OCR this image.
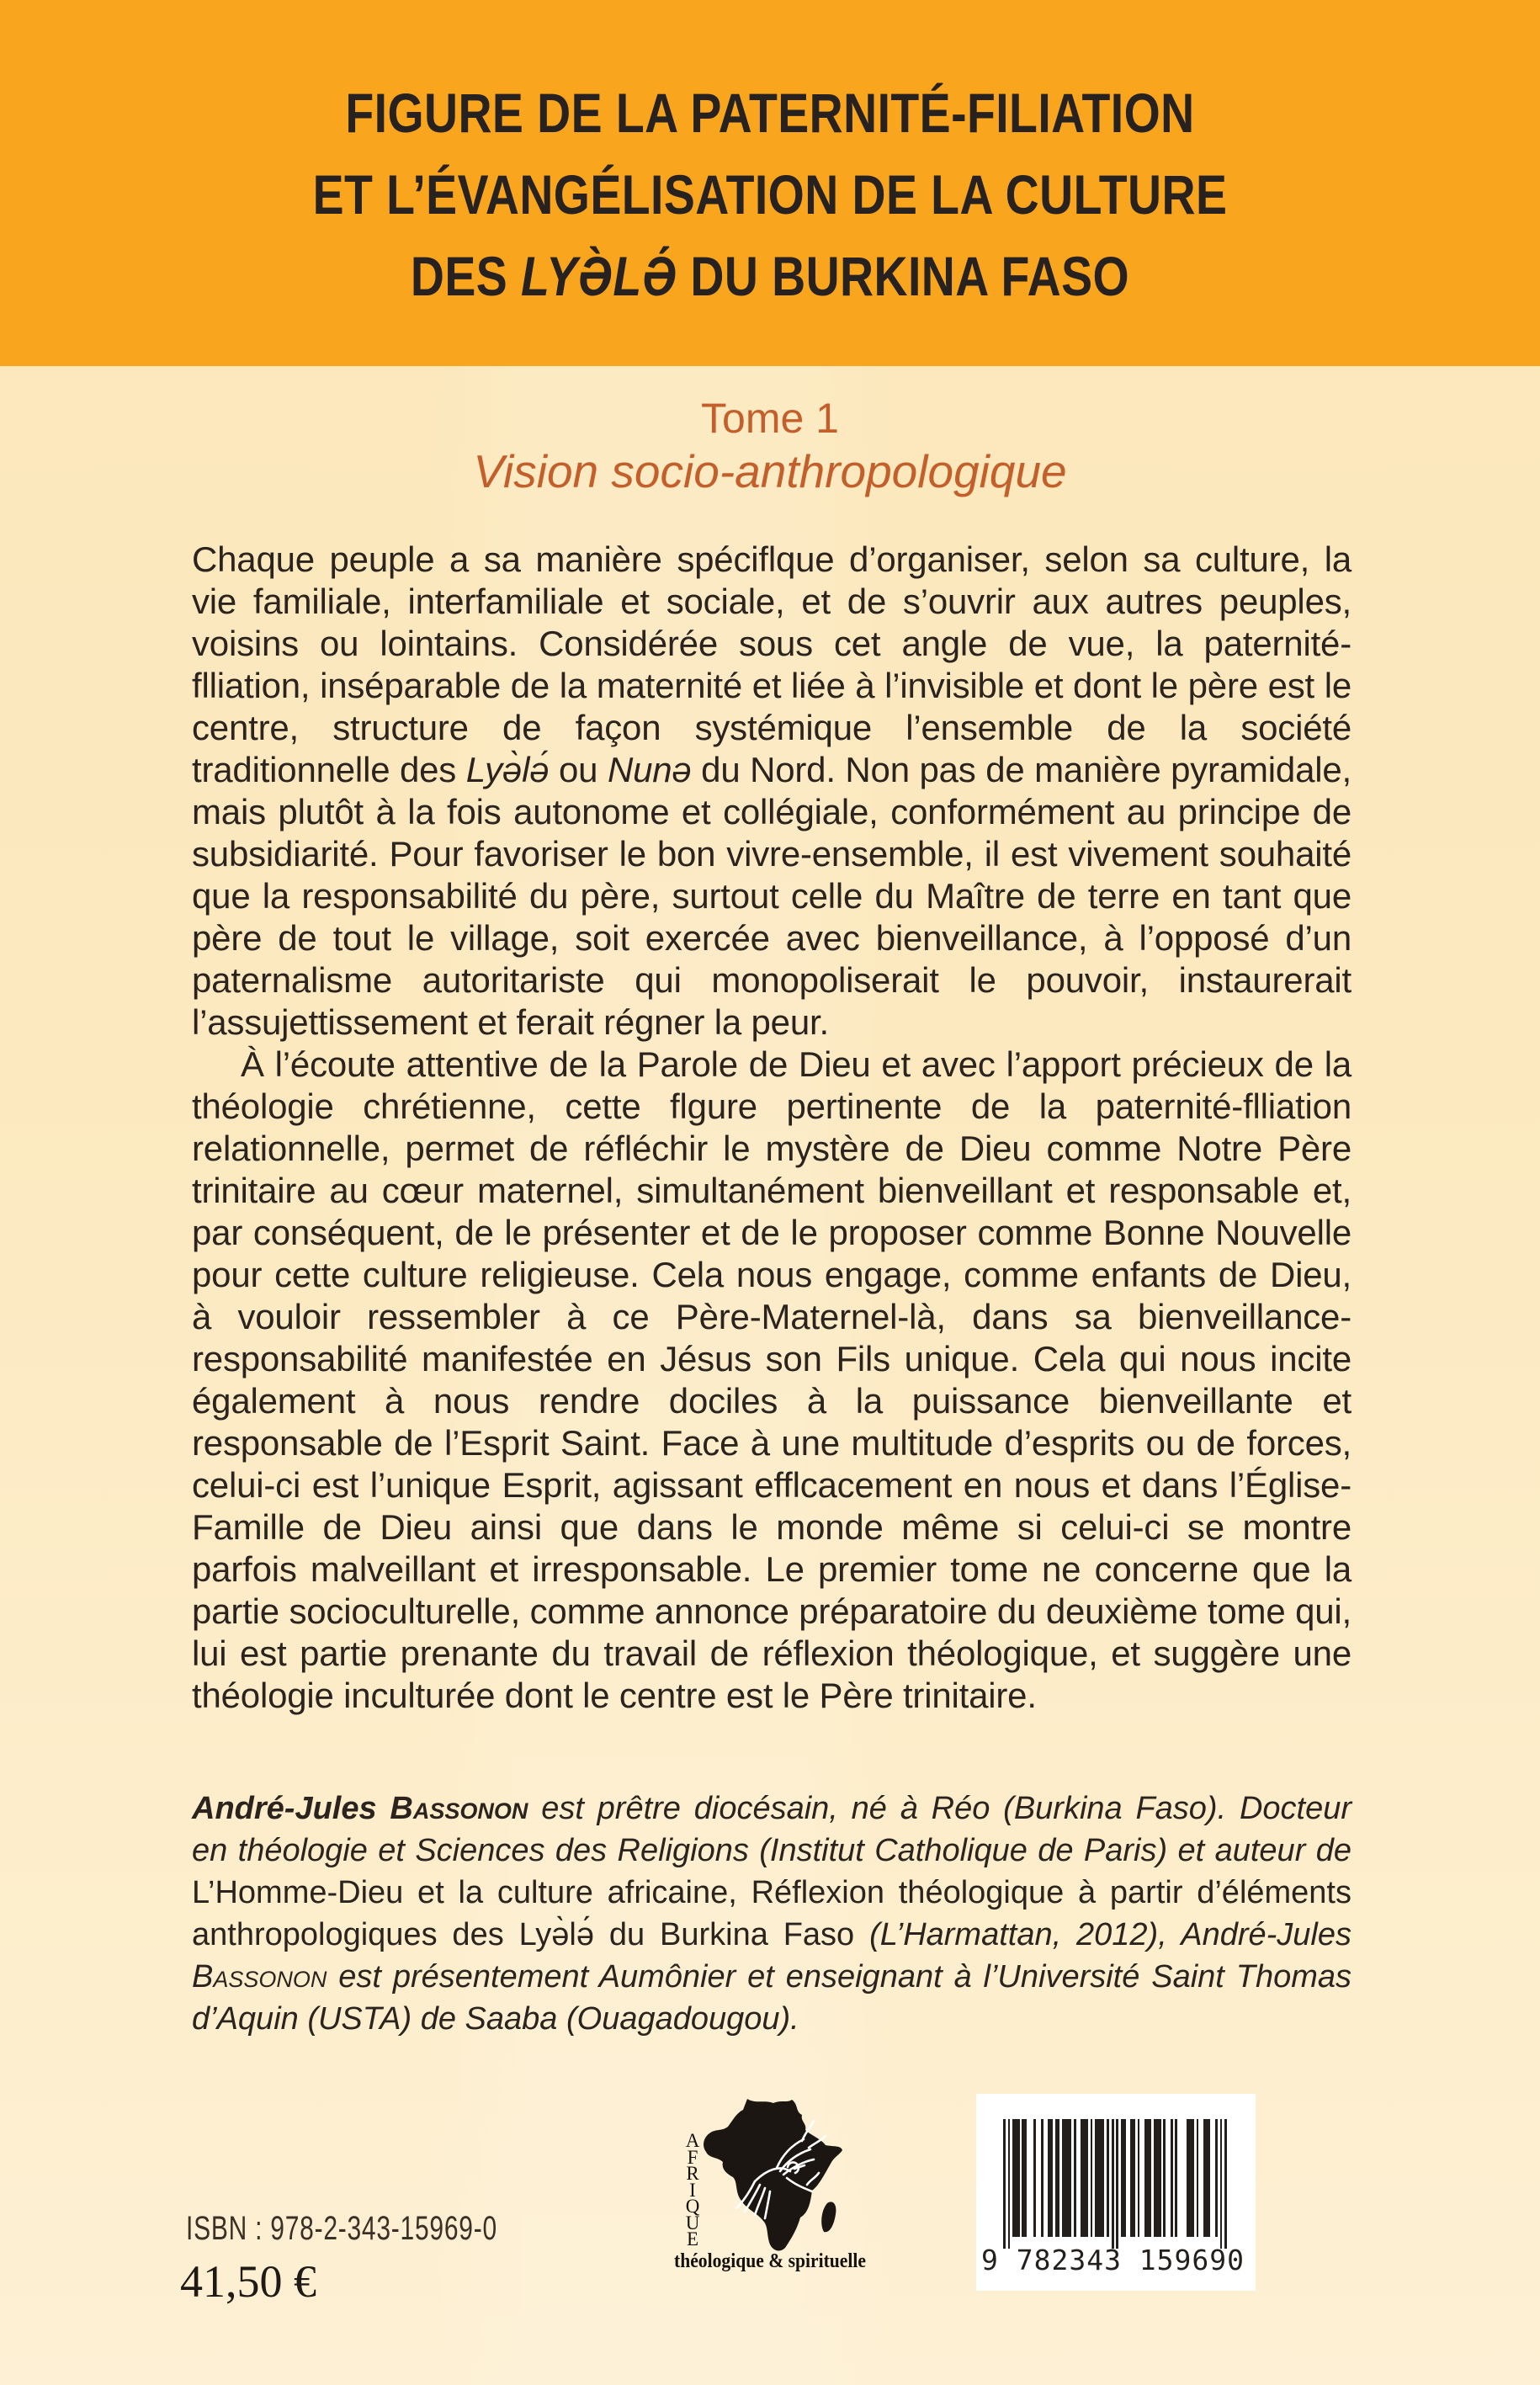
FIGURE DE LA PATERNITÉ-FILIATION
ET L’ÉVANGÉLISATION DE LA CULTURE
DES LYƏ̀LƏ́ DU BURKINA FASO
Tome 1
Vision socio-anthropologique

Chaque peuple a sa manière spéciflque d’organiser, selon sa culture, la vie familiale, interfamiliale et sociale, et de s’ouvrir aux autres peuples, voisins ou lointains. Considérée sous cet angle de vue, la paternité-flliation, inséparable de la maternité et liée à l’invisible et dont le père est le centre, structure de façon systémique l’ensemble de la société traditionnelle des Lyə̀lə́ ou Nunə du Nord. Non pas de manière pyramidale, mais plutôt à la fois autonome et collégiale, conformément au principe de subsidiarité. Pour favoriser le bon vivre-ensemble, il est vivement souhaité que la responsabilité du père, surtout celle du Maître de terre en tant que père de tout le village, soit exercée avec bienveillance, à l’opposé d’un paternalisme autoritariste qui monopoliserait le pouvoir, instaurerait l’assujettissement et ferait régner la peur.

À l’écoute attentive de la Parole de Dieu et avec l’apport précieux de la théologie chrétienne, cette flgure pertinente de la paternité-flliation relationnelle, permet de réfléchir le mystère de Dieu comme Notre Père trinitaire au cœur maternel, simultanément bienveillant et responsable et, par conséquent, de le présenter et de le proposer comme Bonne Nouvelle pour cette culture religieuse. Cela nous engage, comme enfants de Dieu, à vouloir ressembler à ce Père-Maternel-là, dans sa bienveillance-responsabilité manifestée en Jésus son Fils unique. Cela qui nous incite également à nous rendre dociles à la puissance bienveillante et responsable de l’Esprit Saint. Face à une multitude d’esprits ou de forces, celui-ci est l’unique Esprit, agissant efflcacement en nous et dans l’Église-Famille de Dieu ainsi que dans le monde même si celui-ci se montre parfois malveillant et irresponsable. Le premier tome ne concerne que la partie socioculturelle, comme annonce préparatoire du deuxième tome qui, lui est partie prenante du travail de réflexion théologique, et suggère une théologie inculturée dont le centre est le Père trinitaire.

André-Jules Bassonon est prêtre diocésain, né à Réo (Burkina Faso). Docteur en théologie et Sciences des Religions (Institut Catholique de Paris) et auteur de L’Homme-Dieu et la culture africaine, Réflexion théologique à partir d’éléments anthropologiques des Lyə̀lə́ du Burkina Faso (L’Harmattan, 2012), André-Jules Bassonon est présentement Aumônier et enseignant à l’Université Saint Thomas d’Aquin (USTA) de Saaba (Ouagadougou).
A
F
R
I
Q
U
E
théologique & spirituelle
ISBN : 978-2-343-15969-0
41,50 €	9 782343 159690
